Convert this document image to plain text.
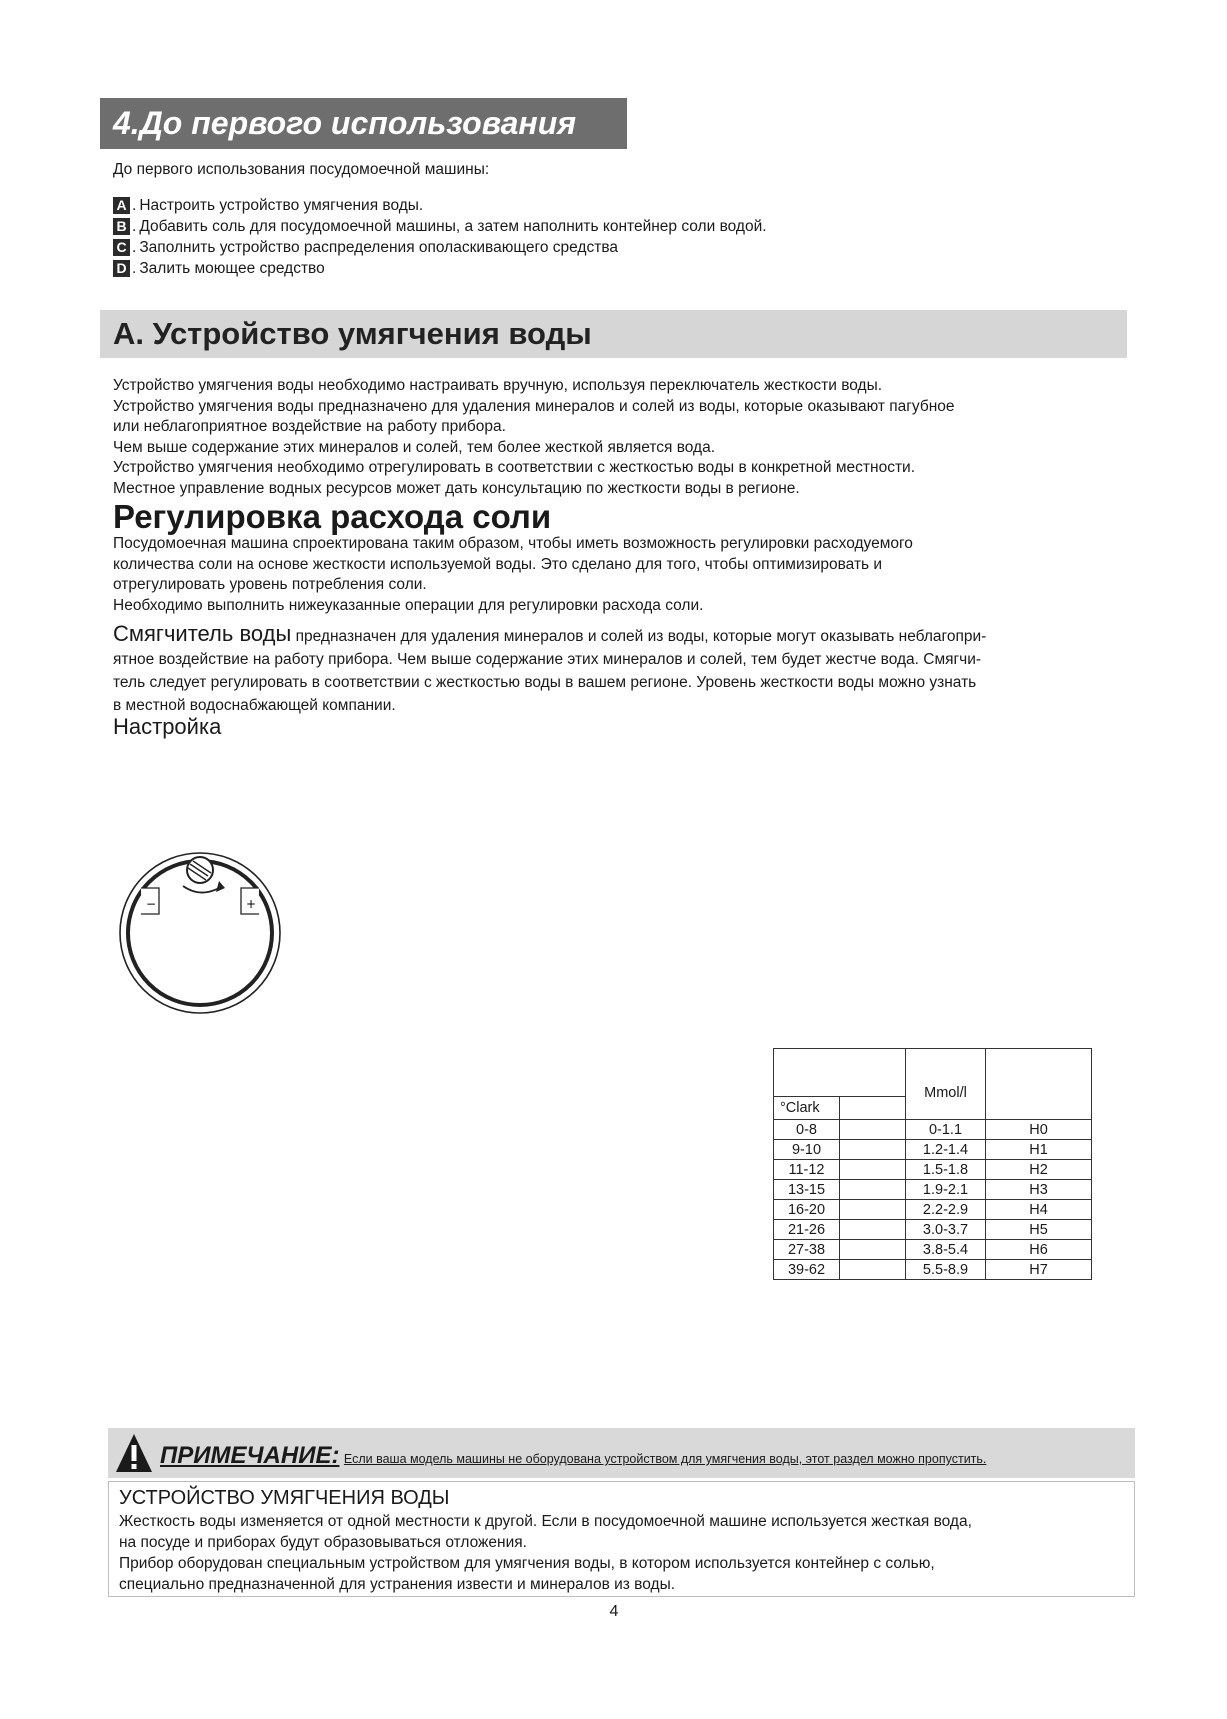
4.До первого использования
До первого использования посудомоечной машины:
A . Настроить устройство умягчения воды.
B . Добавить соль для посудомоечной машины, а затем наполнить контейнер соли водой.
C . Заполнить устройство распределения ополаскивающего средства
D . Залить моющее средство
A. Устройство умягчения воды
Устройство умягчения воды необходимо настраивать вручную, используя переключатель жесткости воды.
Устройство умягчения воды предназначено для удаления минералов и солей из воды, которые оказывают пагубное
или неблагоприятное воздействие на работу прибора.
Чем выше содержание этих минералов и солей, тем более жесткой является вода.
Устройство умягчения необходимо отрегулировать в соответствии с жесткостью воды в конкретной местности.
Местное управление водных ресурсов может дать консультацию по жесткости воды в регионе.
Регулировка расхода соли
Посудомоечная машина спроектирована таким образом, чтобы иметь возможность регулировки расходуемого
количества соли на основе жесткости используемой воды. Это сделано для того, чтобы оптимизировать и
отрегулировать уровень потребления соли.
Необходимо выполнить нижеуказанные операции для регулировки расхода соли.
Смягчитель воды предназначен для удаления минералов и солей из воды, которые могут оказывать неблагопри-
ятное воздействие на работу прибора. Чем выше содержание этих минералов и солей, тем будет жестче вода. Смягчи-
тель следует регулировать в соответствии с жесткостью воды в вашем регионе. Уровень жесткости воды можно узнать
в местной водоснабжающей компании.
Настройка
−	+
		Mmol/l	
°Clark			
0-8		0-1.1	H0
9-10		1.2-1.4	H1
11-12		1.5-1.8	H2
13-15		1.9-2.1	H3
16-20		2.2-2.9	H4
21-26		3.0-3.7	H5
27-38		3.8-5.4	H6
39-62		5.5-8.9	H7
ПРИМЕЧАНИЕ: Если ваша модель машины не оборудована устройством для умягчения воды, этот раздел можно пропустить.
УСТРОЙСТВО УМЯГЧЕНИЯ ВОДЫ
Жесткость воды изменяется от одной местности к другой. Если в посудомоечной машине используется жесткая вода,
на посуде и приборах будут образовываться отложения.
Прибор оборудован специальным устройством для умягчения воды, в котором используется контейнер с солью,
специально предназначенной для устранения извести и минералов из воды.
4
